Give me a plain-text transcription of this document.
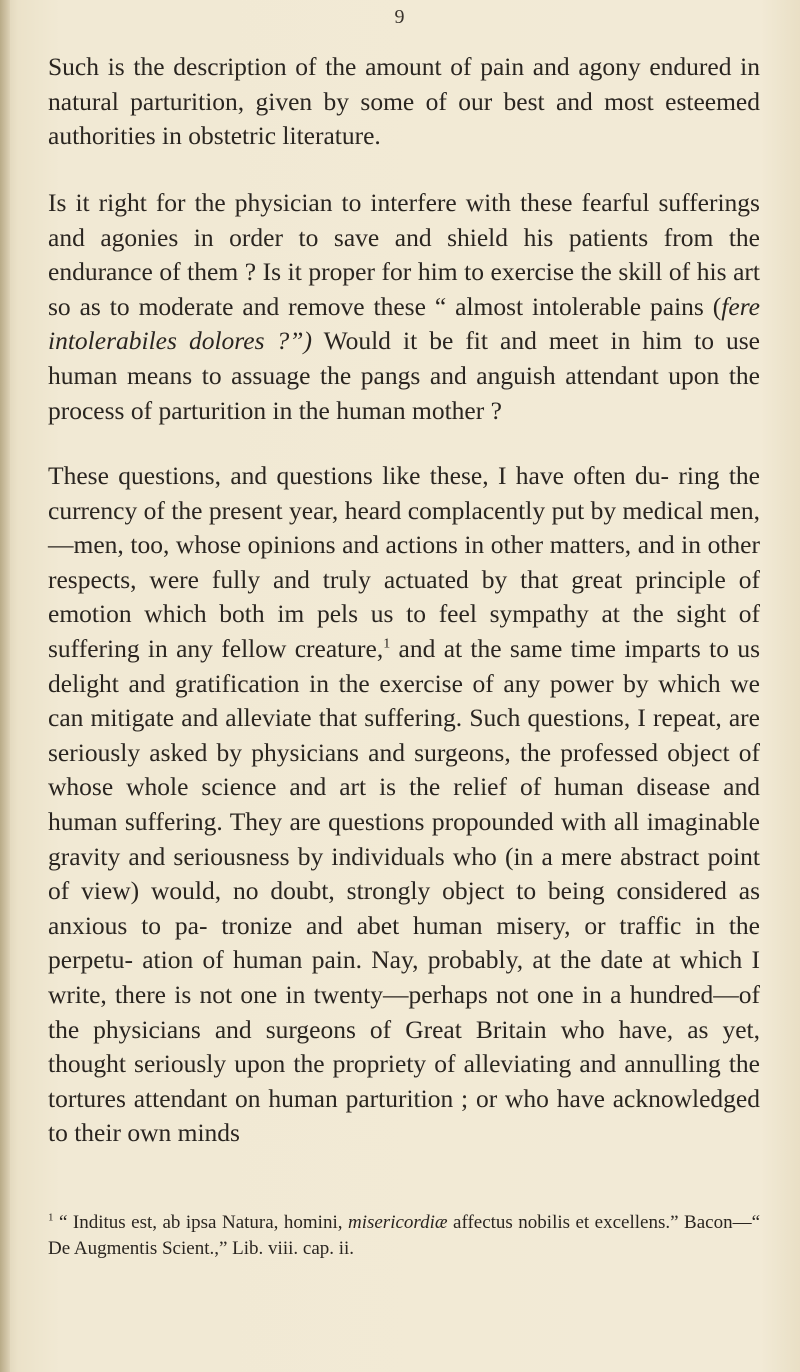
9

Such is the description of the amount of pain and agony endured in natural parturition, given by some of our best and most esteemed authorities in obstetric literature.

Is it right for the physician to interfere with these fearful sufferings and agonies in order to save and shield his patients from the endurance of them ? Is it proper for him to exercise the skill of his art so as to moderate and remove these “ almost intolerable pains (fere intolerabiles dolores ?”) Would it be fit and meet in him to use human means to assuage the pangs and anguish attendant upon the process of parturition in the human mother ?

These questions, and questions like these, I have often du- ring the currency of the present year, heard complacently put by medical men,—men, too, whose opinions and actions in other matters, and in other respects, were fully and truly actuated by that great principle of emotion which both im pels us to feel sympathy at the sight of suffering in any fellow creature,$^1$ and at the same time imparts to us delight and gratification in the exercise of any power by which we can mitigate and alleviate that suffering. Such questions, I repeat, are seriously asked by physicians and surgeons, the professed object of whose whole science and art is the relief of human disease and human suffering. They are questions propounded with all imaginable gravity and seriousness by individuals who (in a mere abstract point of view) would, no doubt, strongly object to being considered as anxious to pa- tronize and abet human misery, or traffic in the perpetu- ation of human pain. Nay, probably, at the date at which I write, there is not one in twenty—perhaps not one in a hundred—of the physicians and surgeons of Great Britain who have, as yet, thought seriously upon the propriety of alleviating and annulling the tortures attendant on human parturition ; or who have acknowledged to their own minds

$^1$ “ Inditus est, ab ipsa Natura, homini, misericordiæ affectus nobilis et excellens.” Bacon—“ De Augmentis Scient.,” Lib. viii. cap. ii.
